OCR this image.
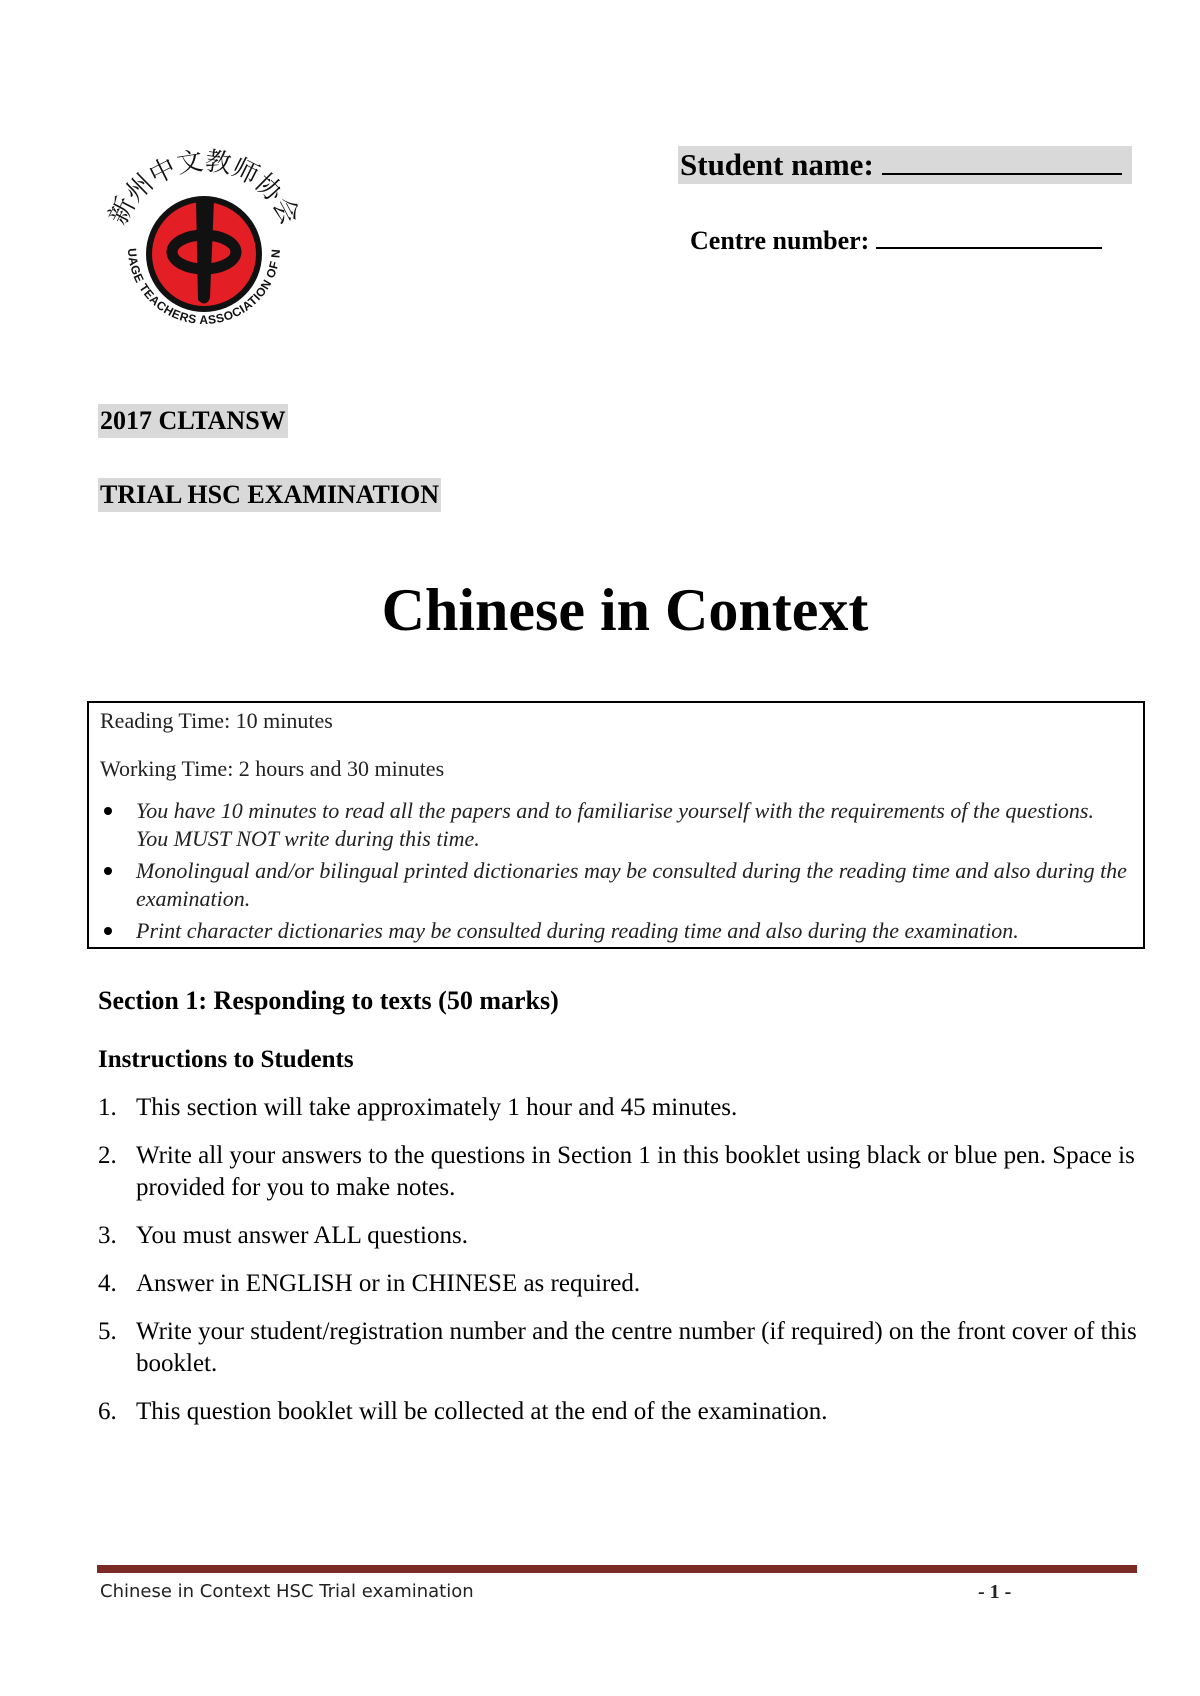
新州中文教师协会
UAGE TEACHERS ASSOCIATION OF N
Student name:
Centre number:
2017 CLTANSW
TRIAL HSC EXAMINATION
Chinese in Context
Reading Time: 10 minutes
Working Time: 2 hours and 30 minutes
You have 10 minutes to read all the papers and to familiarise yourself with the requirements of the questions. You MUST NOT write during this time.
Monolingual and/or bilingual printed dictionaries may be consulted during the reading time and also during the examination.
Print character dictionaries may be consulted during reading time and also during the examination.
Section 1: Responding to texts (50 marks)
Instructions to Students
1. This section will take approximately 1 hour and 45 minutes.
2. Write all your answers to the questions in Section 1 in this booklet using black or blue pen. Space is provided for you to make notes.
3. You must answer ALL questions.
4. Answer in ENGLISH or in CHINESE as required.
5. Write your student/registration number and the centre number (if required) on the front cover of this booklet.
6. This question booklet will be collected at the end of the examination.
Chinese in Context HSC Trial examination	- 1 -
